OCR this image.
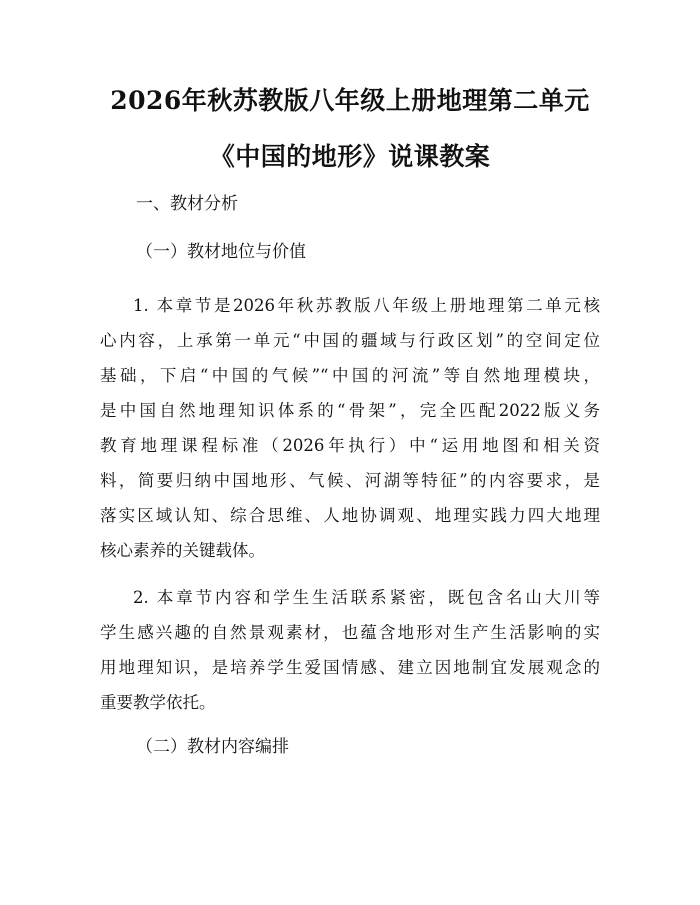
2026年秋苏教版八年级上册地理第二单元
《中国的地形》说课教案
一、教材分析
（一）教材地位与价值
1. 本章节是2026年秋苏教版八年级上册地理第二单元核
心内容，上承第一单元“中国的疆域与行政区划”的空间定位
基础，下启“中国的气候”“中国的河流”等自然地理模块，
是中国自然地理知识体系的“骨架”，完全匹配2022版义务
教育地理课程标准（2026年执行）中“运用地图和相关资
料，简要归纳中国地形、气候、河湖等特征”的内容要求，是
落实区域认知、综合思维、人地协调观、地理实践力四大地理
核心素养的关键载体。
2. 本章节内容和学生生活联系紧密，既包含名山大川等
学生感兴趣的自然景观素材，也蕴含地形对生产生活影响的实
用地理知识，是培养学生爱国情感、建立因地制宜发展观念的
重要教学依托。
（二）教材内容编排
